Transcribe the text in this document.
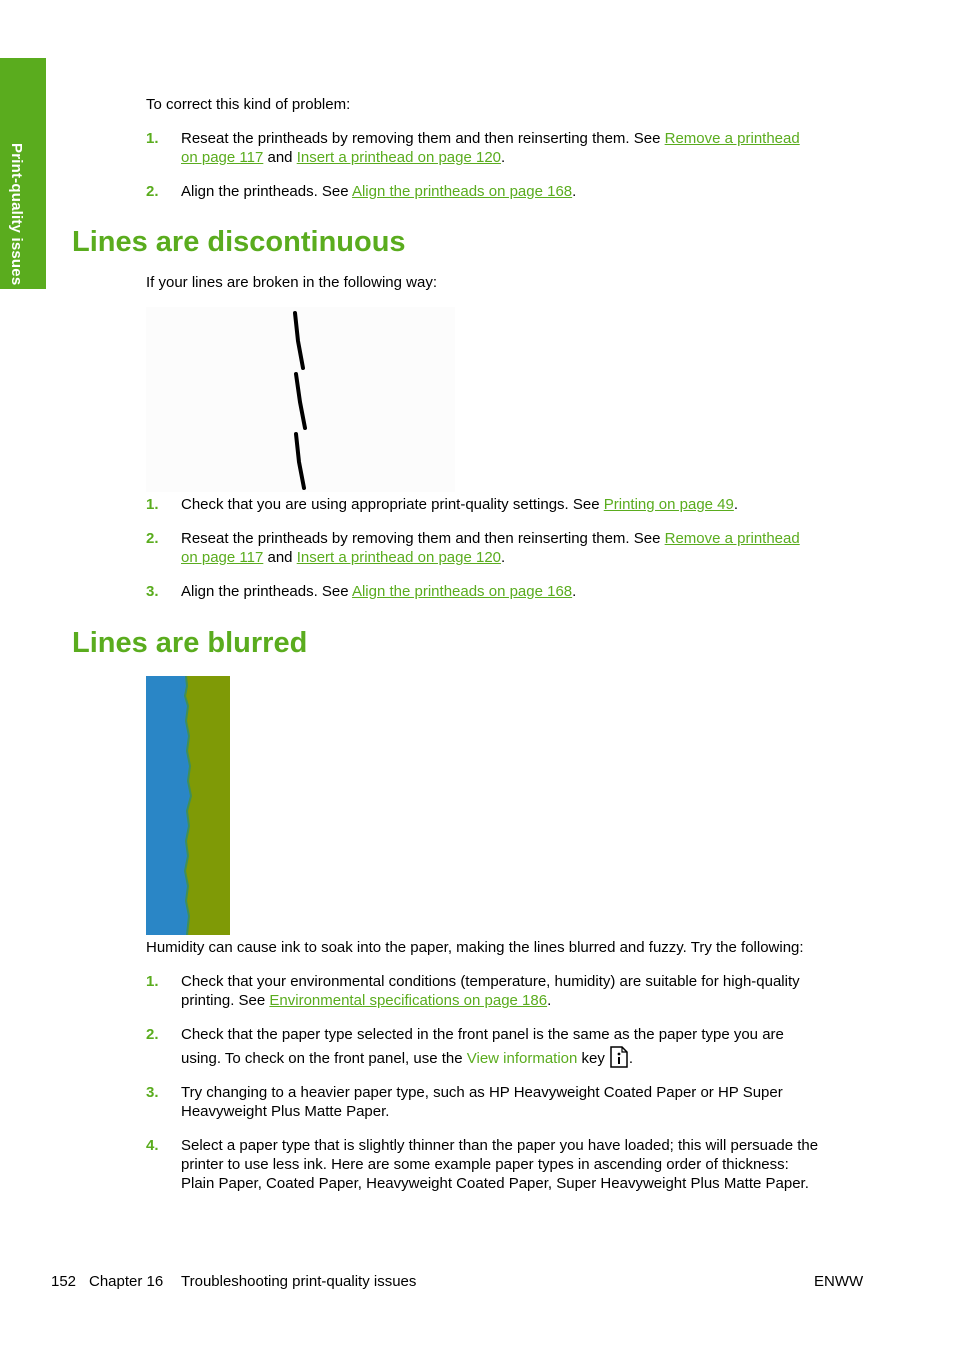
Print-quality issues
To correct this kind of problem:
1. Reseat the printheads by removing them and then reinserting them. See Remove a printhead
on page 117 and Insert a printhead on page 120.
2. Align the printheads. See Align the printheads on page 168.
Lines are discontinuous
If your lines are broken in the following way:
1. Check that you are using appropriate print-quality settings. See Printing on page 49.
2. Reseat the printheads by removing them and then reinserting them. See Remove a printhead
on page 117 and Insert a printhead on page 120.
3. Align the printheads. See Align the printheads on page 168.
Lines are blurred
Humidity can cause ink to soak into the paper, making the lines blurred and fuzzy. Try the following:
1. Check that your environmental conditions (temperature, humidity) are suitable for high-quality
printing. See Environmental specifications on page 186.
2. Check that the paper type selected in the front panel is the same as the paper type you are
using. To check on the front panel, use the View information key .
3. Try changing to a heavier paper type, such as HP Heavyweight Coated Paper or HP Super
Heavyweight Plus Matte Paper.
4. Select a paper type that is slightly thinner than the paper you have loaded; this will persuade the
printer to use less ink. Here are some example paper types in ascending order of thickness:
Plain Paper, Coated Paper, Heavyweight Coated Paper, Super Heavyweight Plus Matte Paper.
152 Chapter 16 Troubleshooting print-quality issues	ENWW
